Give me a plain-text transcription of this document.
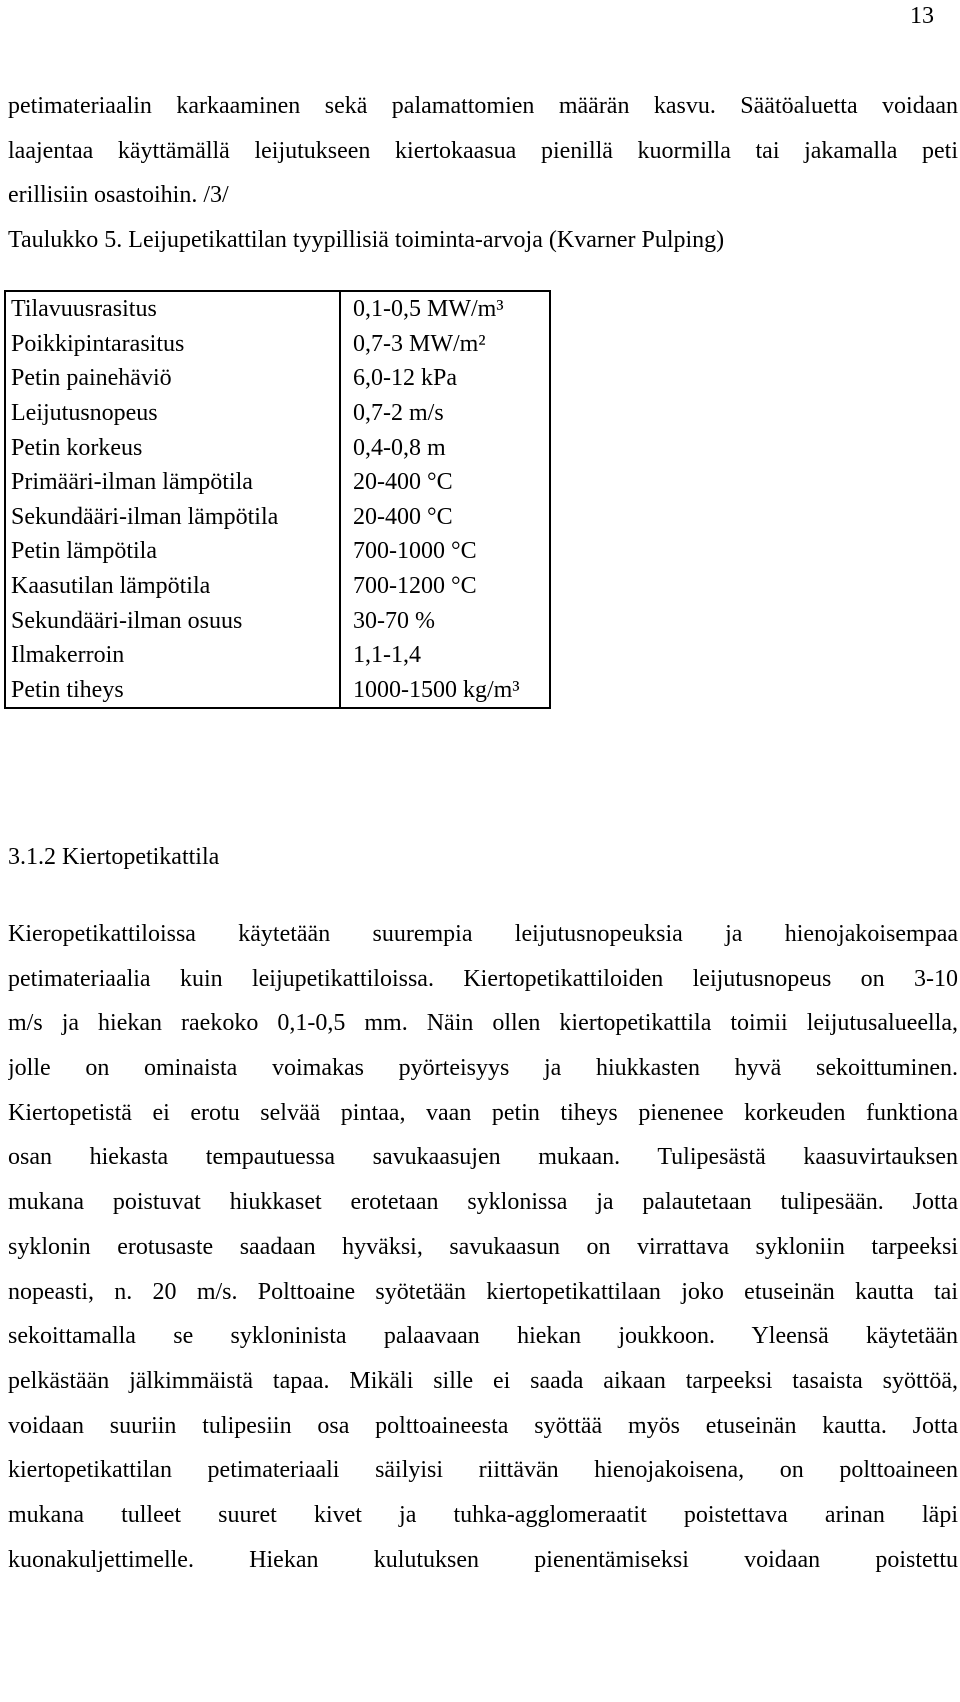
13
petimateriaalin karkaaminen sekä palamattomien määrän kasvu. Säätöaluetta voidaan
laajentaa käyttämällä leijutukseen kiertokaasua pienillä kuormilla tai jakamalla peti
erillisiin osastoihin. /3/
Taulukko 5. Leijupetikattilan tyypillisiä toiminta-arvoja (Kvarner Pulping)
Tilavuusrasitus	0,1-0,5 MW/m³
Poikkipintarasitus	0,7-3 MW/m²
Petin painehäviö	6,0-12 kPa
Leijutusnopeus	0,7-2 m/s
Petin korkeus	0,4-0,8 m
Primääri-ilman lämpötila	20-400 °C
Sekundääri-ilman lämpötila	20-400 °C
Petin lämpötila	700-1000 °C
Kaasutilan lämpötila	700-1200 °C
Sekundääri-ilman osuus	30-70 %
Ilmakerroin	1,1-1,4
Petin tiheys	1000-1500 kg/m³
3.1.2 Kiertopetikattila
Kieropetikattiloissa käytetään suurempia leijutusnopeuksia ja hienojakoisempaa
petimateriaalia kuin leijupetikattiloissa. Kiertopetikattiloiden leijutusnopeus on 3-10
m/s ja hiekan raekoko 0,1-0,5 mm. Näin ollen kiertopetikattila toimii leijutusalueella,
jolle on ominaista voimakas pyörteisyys ja hiukkasten hyvä sekoittuminen.
Kiertopetistä ei erotu selvää pintaa, vaan petin tiheys pienenee korkeuden funktiona
osan hiekasta tempautuessa savukaasujen mukaan. Tulipesästä kaasuvirtauksen
mukana poistuvat hiukkaset erotetaan syklonissa ja palautetaan tulipesään. Jotta
syklonin erotusaste saadaan hyväksi, savukaasun on virrattava sykloniin tarpeeksi
nopeasti, n. 20 m/s. Polttoaine syötetään kiertopetikattilaan joko etuseinän kautta tai
sekoittamalla se sykloninista palaavaan hiekan joukkoon. Yleensä käytetään
pelkästään jälkimmäistä tapaa. Mikäli sille ei saada aikaan tarpeeksi tasaista syöttöä,
voidaan suuriin tulipesiin osa polttoaineesta syöttää myös etuseinän kautta. Jotta
kiertopetikattilan petimateriaali säilyisi riittävän hienojakoisena, on polttoaineen
mukana tulleet suuret kivet ja tuhka-agglomeraatit poistettava arinan läpi
kuonakuljettimelle. Hiekan kulutuksen pienentämiseksi voidaan poistettu
